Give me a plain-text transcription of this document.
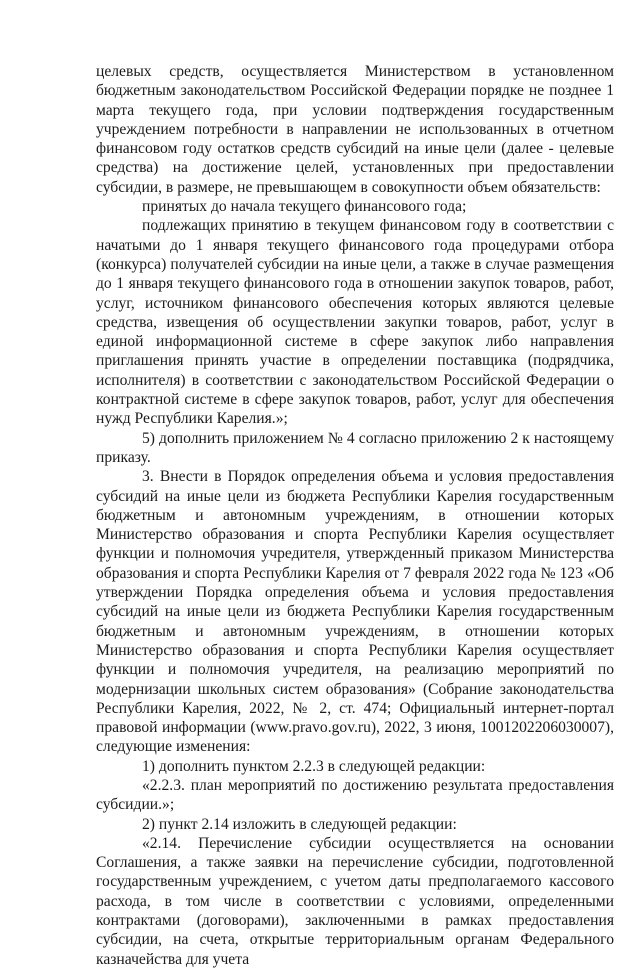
целевых средств, осуществляется Министерством в установленном бюджетным законодательством Российской Федерации порядке не позднее 1 марта текущего года, при условии подтверждения государственным учреждением потребности в направлении не использованных в отчетном финансовом году остатков средств субсидий на иные цели (далее - целевые средства) на достижение целей, установленных при предоставлении субсидии, в размере, не превышающем в совокупности объем обязательств:

принятых до начала текущего финансового года;

подлежащих принятию в текущем финансовом году в соответствии с начатыми до 1 января текущего финансового года процедурами отбора (конкурса) получателей субсидии на иные цели, а также в случае размещения до 1 января текущего финансового года в отношении закупок товаров, работ, услуг, источником финансового обеспечения которых являются целевые средства, извещения об осуществлении закупки товаров, работ, услуг в единой информационной системе в сфере закупок либо направления приглашения принять участие в определении поставщика (подрядчика, исполнителя) в соответствии с законодательством Российской Федерации о контрактной системе в сфере закупок товаров, работ, услуг для обеспечения нужд Республики Карелия.»;

5) дополнить приложением № 4 согласно приложению 2 к настоящему приказу.

3. Внести в Порядок определения объема и условия предоставления субсидий на иные цели из бюджета Республики Карелия государственным бюджетным и автономным учреждениям, в отношении которых Министерство образования и спорта Республики Карелия осуществляет функции и полномочия учредителя, утвержденный приказом Министерства образования и спорта Республики Карелия от 7 февраля 2022 года № 123 «Об утверждении Порядка определения объема и условия предоставления субсидий на иные цели из бюджета Республики Карелия государственным бюджетным и автономным учреждениям, в отношении которых Министерство образования и спорта Республики Карелия осуществляет функции и полномочия учредителя, на реализацию мероприятий по модернизации школьных систем образования» (Собрание законодательства Республики Карелия, 2022, № 2, ст. 474; Официальный интернет-портал правовой информации (www.pravo.gov.ru), 2022, 3 июня, 1001202206030007), следующие изменения:

1) дополнить пунктом 2.2.3 в следующей редакции:

«2.2.3. план мероприятий по достижению результата предоставления субсидии.»;

2) пункт 2.14 изложить в следующей редакции:

«2.14. Перечисление субсидии осуществляется на основании Соглашения, а также заявки на перечисление субсидии, подготовленной государственным учреждением, с учетом даты предполагаемого кассового расхода, в том числе в соответствии с условиями, определенными контрактами (договорами), заключенными в рамках предоставления субсидии, на счета, открытые территориальным органам Федерального казначейства для учета
